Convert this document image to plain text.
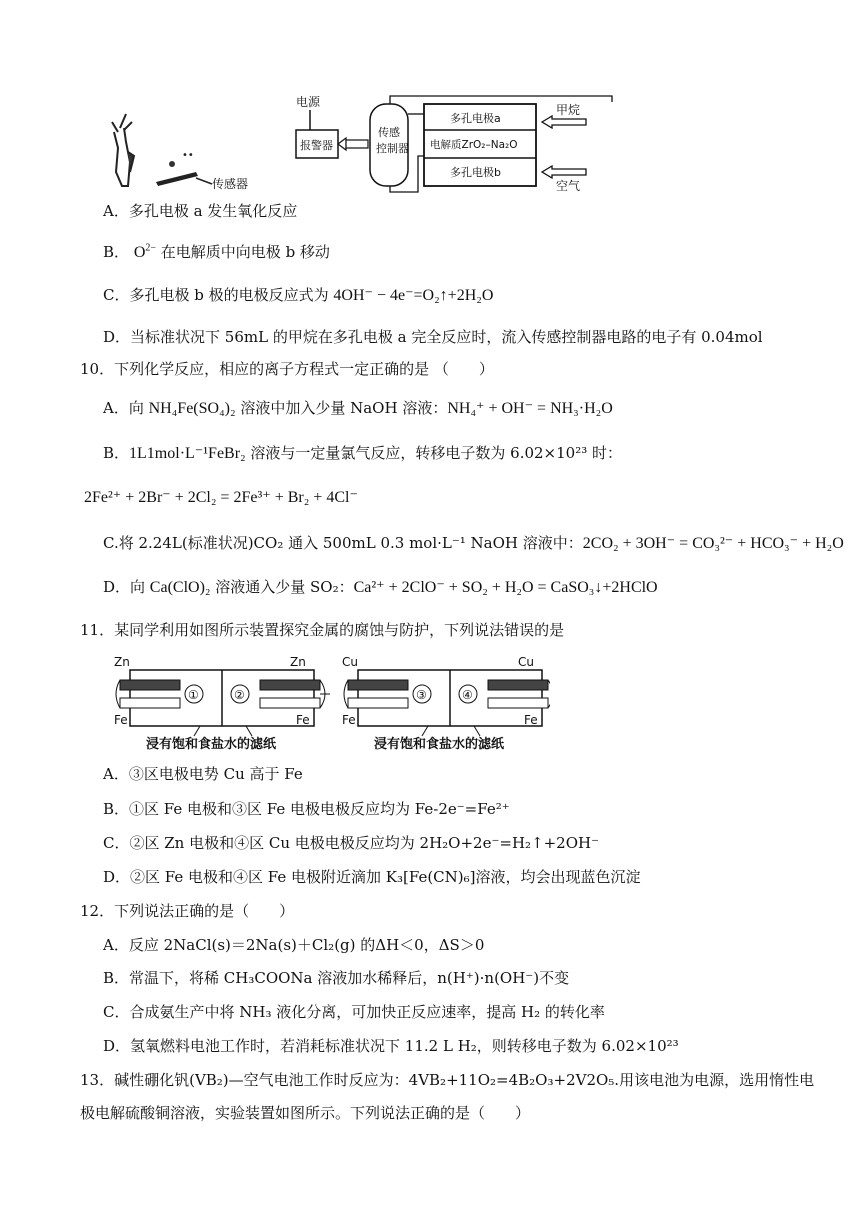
••
传感器
电源
报警器
传感
控制器
多孔电极a
电解质ZrO₂–Na₂O
多孔电极b
甲烷
空气
A．多孔电极 a 发生氧化反应
B． $O^{2-}$ 在电解质中向电极 b 移动
C．多孔电极 b 极的电极反应式为 4OH⁻ − 4e⁻=O₂↑+2H₂O
D．当标准状况下 56mL 的甲烷在多孔电极 a 完全反应时，流入传感控制器电路的电子有 0.04mol
10．下列化学反应，相应的离子方程式一定正确的是 （　　）
A．向 NH₄Fe(SO₄)₂ 溶液中加入少量 NaOH 溶液：NH₄⁺ + OH⁻ = NH₃·H₂O
B．1L1mol·L⁻¹FeBr₂ 溶液与一定量氯气反应，转移电子数为 6.02×10²³ 时：
2Fe²⁺ + 2Br⁻ + 2Cl₂ = 2Fe³⁺ + Br₂ + 4Cl⁻
C.将 2.24L(标准状况)CO₂ 通入 500mL 0.3 mol·L⁻¹ NaOH 溶液中：2CO₂ + 3OH⁻ = CO₃²⁻ + HCO₃⁻ + H₂O
D．向 Ca(ClO)₂ 溶液通入少量 SO₂：Ca²⁺ + 2ClO⁻ + SO₂ + H₂O = CaSO₃↓+2HClO
11．某同学利用如图所示装置探究金属的腐蚀与防护，下列说法错误的是
Zn	Zn
①	②
Fe	Fe
浸有饱和食盐水的滤纸
Cu	Cu
③	④
Fe	Fe
浸有饱和食盐水的滤纸
A．③区电极电势 Cu 高于 Fe
B．①区 Fe 电极和③区 Fe 电极电极反应均为 Fe-2e⁻=Fe²⁺
C．②区 Zn 电极和④区 Cu 电极电极反应均为 2H₂O+2e⁻=H₂↑+2OH⁻
D．②区 Fe 电极和④区 Fe 电极附近滴加 K₃[Fe(CN)₆]溶液，均会出现蓝色沉淀
12．下列说法正确的是（　　）
A．反应 2NaCl(s)＝2Na(s)＋Cl₂(g) 的ΔH＜0，ΔS＞0
B．常温下，将稀 CH₃COONa 溶液加水稀释后，n(H⁺)·n(OH⁻)不变
C．合成氨生产中将 NH₃ 液化分离，可加快正反应速率，提高 H₂ 的转化率
D．氢氧燃料电池工作时，若消耗标准状况下 11.2 L H₂，则转移电子数为 6.02×10²³
13．碱性硼化钒(VB₂)—空气电池工作时反应为：4VB₂+11O₂=4B₂O₃+2V2O₅.用该电池为电源，选用惰性电
极电解硫酸铜溶液，实验装置如图所示。下列说法正确的是（　　）
